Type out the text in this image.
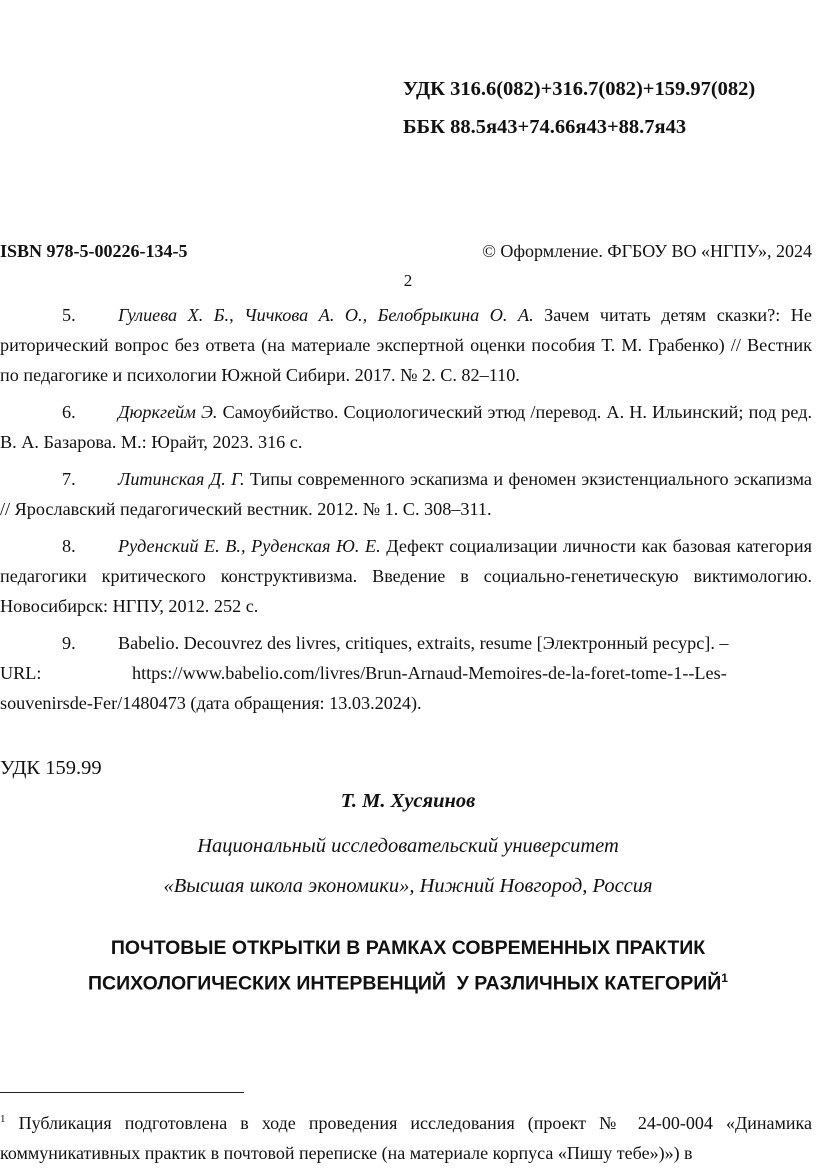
УДК 316.6(082)+316.7(082)+159.97(082)
ББК 88.5я43+74.66я43+88.7я43
ISBN 978-5-00226-134-5	© Оформление. ФГБОУ ВО «НГПУ», 2024
2
5. Гулиева Х. Б., Чичкова А. О., Белобрыкина О. А. Зачем читать детям сказки?: Не риторический вопрос без ответа (на материале экспертной оценки пособия Т. М. Грабенко) // Вестник по педагогике и психологии Южной Сибири. 2017. № 2. С. 82–110.
6. Дюркгейм Э. Самоубийство. Социологический этюд /перевод. А. Н. Ильинский; под ред. В. А. Базарова. М.: Юрайт, 2023. 316 с.
7. Литинская Д. Г. Типы современного эскапизма и феномен экзистенциального эскапизма // Ярославский педагогический вестник. 2012. № 1. С. 308–311.
8. Руденский Е. В., Руденская Ю. Е. Дефект социализации личности как базовая категория педагогики критического конструктивизма. Введение в социально-генетическую виктимологию. Новосибирск: НГПУ, 2012. 252 с.
9. Babelio. Decouvrez des livres, critiques, extraits, resume [Электронный ресурс]. –
URL: https://www.babelio.com/livres/Brun-Arnaud-Memoires-de-la-foret-tome-1--Les-
souvenirsde-Fer/1480473 (дата обращения: 13.03.2024).
УДК 159.99
Т. М. Хусяинов
Национальный исследовательский университет
«Высшая школа экономики», Нижний Новгород, Россия
ПОЧТОВЫЕ ОТКРЫТКИ В РАМКАХ СОВРЕМЕННЫХ ПРАКТИК
ПСИХОЛОГИЧЕСКИХ ИНТЕРВЕНЦИЙ  У РАЗЛИЧНЫХ КАТЕГОРИЙ$^1$
$^1$ Публикация подготовлена в ходе проведения исследования (проект № 24-00-004 «Динамика коммуникативных практик в почтовой переписке (на материале корпуса «Пишу тебе»)») в
